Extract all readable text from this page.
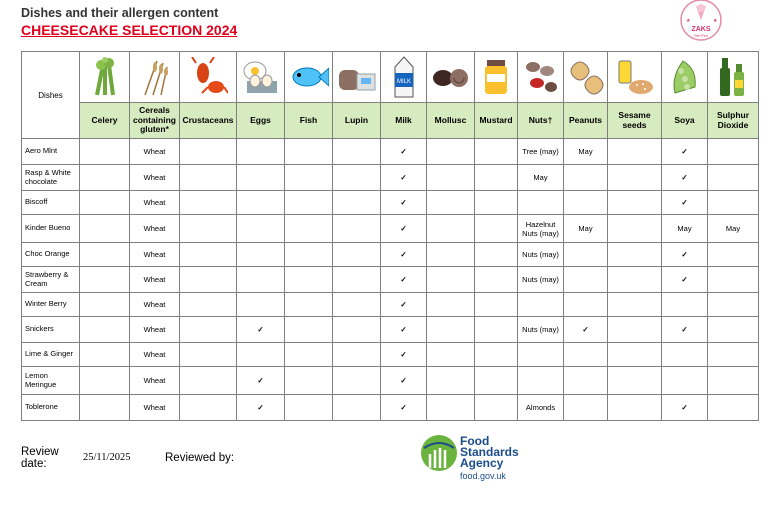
Dishes and their allergen content
CHEESECAKE SELECTION 2024	ZAKS
Peri Peri
★	★
Dishes							MILK

	Celery	Cereals containing gluten*	Crustaceans	Eggs	Fish	Lupin	Milk	Mollusc	Mustard	Nuts†	Peanuts	Sesame seeds	Soya	Sulphur Dioxide
Aero Mlnt		Wheat					✓			Tree (may)	May		✓	
Rasp & White chocolate		Wheat					✓			May			✓	
Biscoff		Wheat					✓						✓	
Kinder Bueno		Wheat					✓			Hazelnut Nuts (may)	May		May	May
Choc Orange		Wheat					✓			Nuts (may)			✓	
Strawberry & Cream		Wheat					✓			Nuts (may)			✓	
Winter Berry		Wheat					✓							
Snickers		Wheat		✓			✓			Nuts (may)	✓		✓	
Lime & Ginger		Wheat					✓							
Lemon Meringue		Wheat		✓			✓							
Toblerone		Wheat		✓			✓			Almonds			✓	
Review date:
25/11/2025	Reviewed by:
Food
Standards
Agency
food.gov.uk
